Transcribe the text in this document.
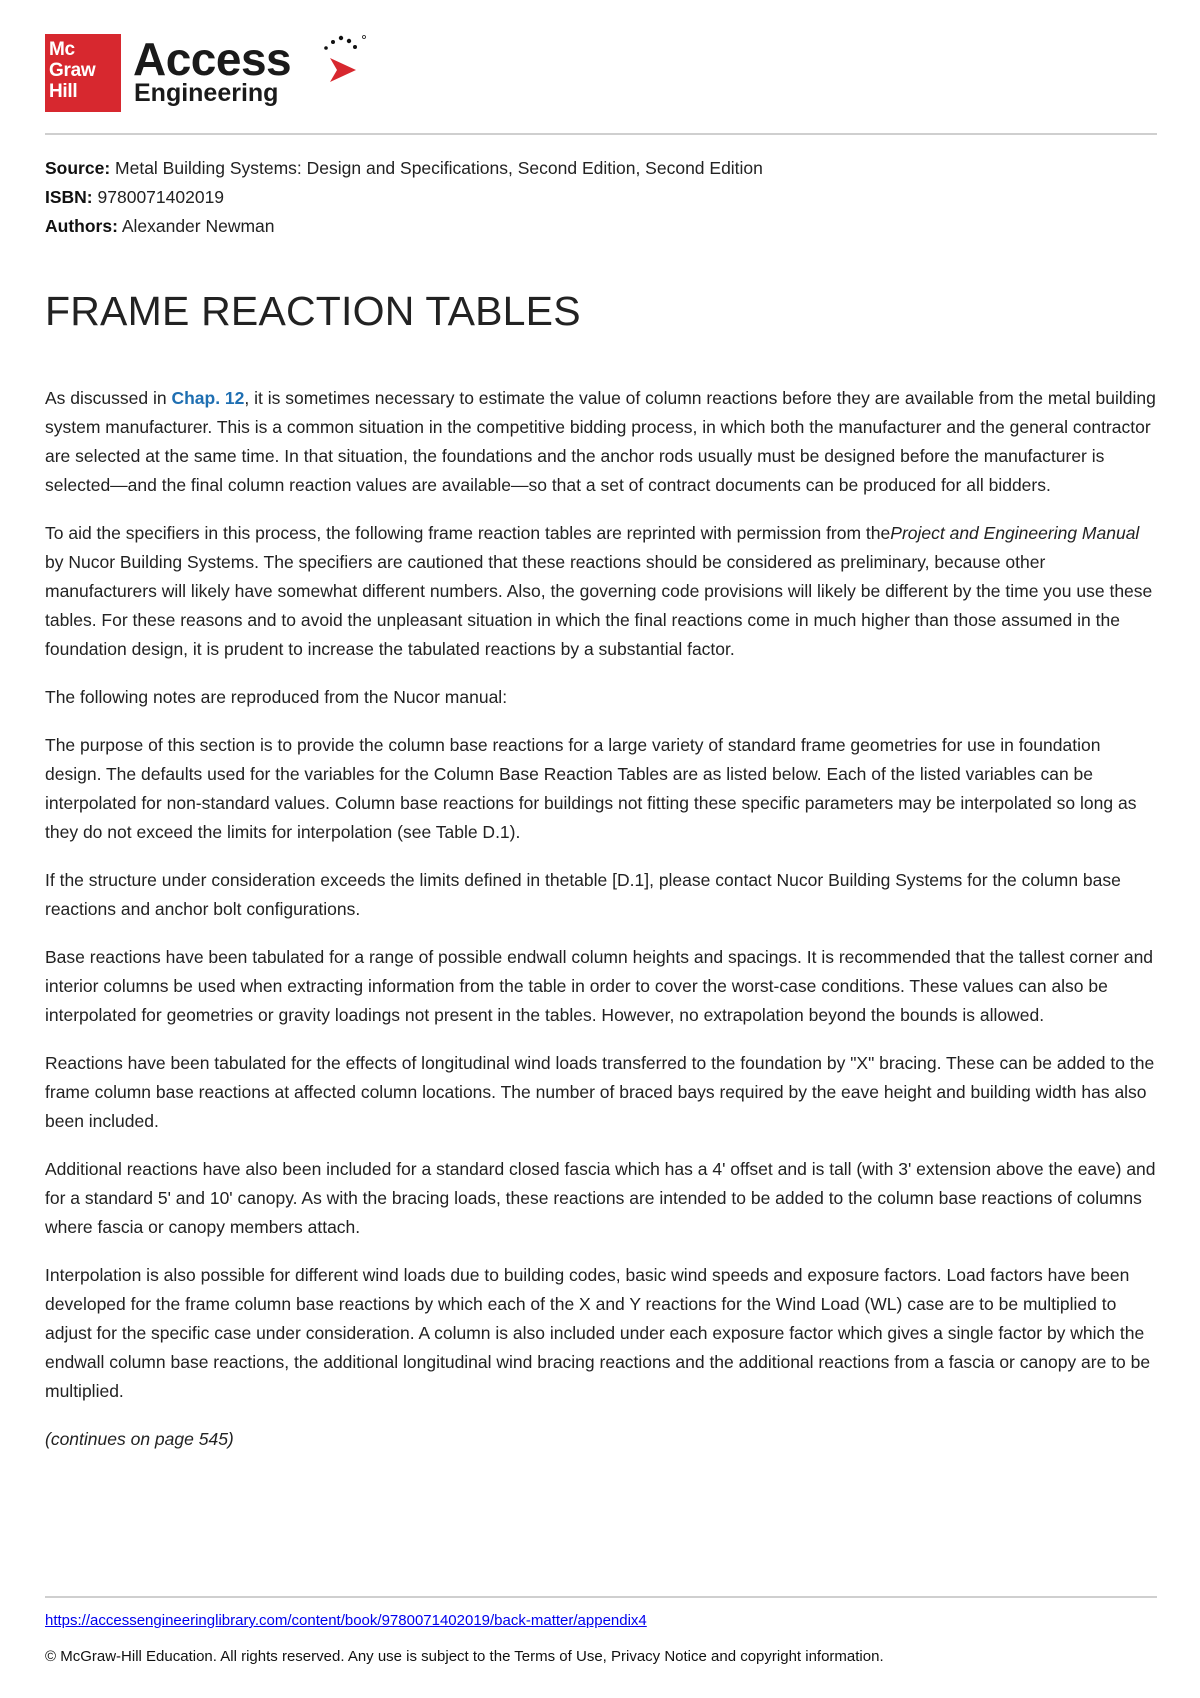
Mc
Graw
Hill
Access
Engineering
Source: Metal Building Systems: Design and Specifications, Second Edition, Second Edition
ISBN: 9780071402019
Authors: Alexander Newman
FRAME REACTION TABLES

As discussed in Chap. 12, it is sometimes necessary to estimate the value of column reactions before they are available from the metal building system manufacturer. This is a common situation in the competitive bidding process, in which both the manufacturer and the general contractor are selected at the same time. In that situation, the foundations and the anchor rods usually must be designed before the manufacturer is selected—and the final column reaction values are available—so that a set of contract documents can be produced for all bidders.

To aid the specifiers in this process, the following frame reaction tables are reprinted with permission from theProject and Engineering Manual by Nucor Building Systems. The specifiers are cautioned that these reactions should be considered as preliminary, because other manufacturers will likely have somewhat different numbers. Also, the governing code provisions will likely be different by the time you use these tables. For these reasons and to avoid the unpleasant situation in which the final reactions come in much higher than those assumed in the foundation design, it is prudent to increase the tabulated reactions by a substantial factor.

The following notes are reproduced from the Nucor manual:

The purpose of this section is to provide the column base reactions for a large variety of standard frame geometries for use in foundation design. The defaults used for the variables for the Column Base Reaction Tables are as listed below. Each of the listed variables can be interpolated for non-standard values. Column base reactions for buildings not fitting these specific parameters may be interpolated so long as they do not exceed the limits for interpolation (see Table D.1).

If the structure under consideration exceeds the limits defined in thetable [D.1], please contact Nucor Building Systems for the column base reactions and anchor bolt configurations.

Base reactions have been tabulated for a range of possible endwall column heights and spacings. It is recommended that the tallest corner and interior columns be used when extracting information from the table in order to cover the worst-case conditions. These values can also be interpolated for geometries or gravity loadings not present in the tables. However, no extrapolation beyond the bounds is allowed.

Reactions have been tabulated for the effects of longitudinal wind loads transferred to the foundation by "X" bracing. These can be added to the frame column base reactions at affected column locations. The number of braced bays required by the eave height and building width has also been included.

Additional reactions have also been included for a standard closed fascia which has a 4' offset and is tall (with 3' extension above the eave) and for a standard 5' and 10' canopy. As with the bracing loads, these reactions are intended to be added to the column base reactions of columns where fascia or canopy members attach.

Interpolation is also possible for different wind loads due to building codes, basic wind speeds and exposure factors. Load factors have been developed for the frame column base reactions by which each of the X and Y reactions for the Wind Load (WL) case are to be multiplied to adjust for the specific case under consideration. A column is also included under each exposure factor which gives a single factor by which the endwall column base reactions, the additional longitudinal wind bracing reactions and the additional reactions from a fascia or canopy are to be multiplied.

(continues on page 545)

https://accessengineeringlibrary.com/content/book/9780071402019/back-matter/appendix4
© McGraw-Hill Education. All rights reserved. Any use is subject to the Terms of Use, Privacy Notice and copyright information.
